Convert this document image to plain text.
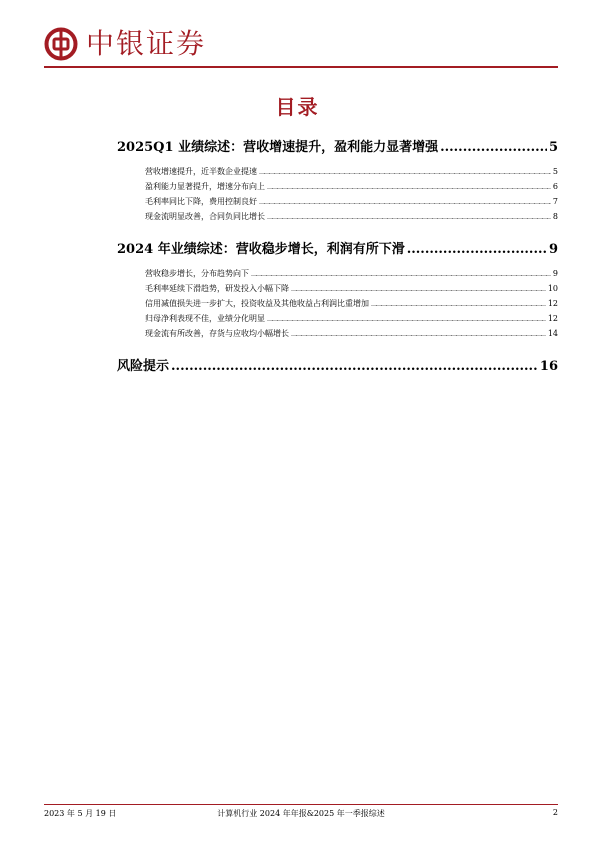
中银证券
目录
2025Q1 业绩综述：营收增速提升，盈利能力显著增强 .....	5
营收增速提升，近半数企业提速 ………………………………………………………………………………………………………………………………………………………………………………………………………………………………………………………………………………………………………………………	5
盈利能力显著提升，增速分布向上 ………………………………………………………………………………………………………………………………………………………………………………………………………………………………………………………………………………………………………………………	6
毛利率同比下降，费用控制良好 ………………………………………………………………………………………………………………………………………………………………………………………………………………………………………………………………………………………………………………………	7
现金流明显改善，合同负同比增长 ………………………………………………………………………………………………………………………………………………………………………………………………………………………………………………………………………………………………………………………	8
2024 年业绩综述：营收稳步增长，利润有所下滑 .....	9
营收稳步增长，分布趋势向下 ………………………………………………………………………………………………………………………………………………………………………………………………………………………………………………………………………………………………………………………	9
毛利率延续下滑趋势，研发投入小幅下降 ………………………………………………………………………………………………………………………………………………………………………………………………………………………………………………………………………………………………………………………	10
信用减值损失进一步扩大，投资收益及其他收益占利润比重增加 ………………………………………………………………………………………………………………………………………………………………………………………………………………………………………………………………………………………………………………………	12
归母净利表现不佳，业绩分化明显 ………………………………………………………………………………………………………………………………………………………………………………………………………………………………………………………………………………………………………………………	12
现金流有所改善，存货与应收均小幅增长 ………………………………………………………………………………………………………………………………………………………………………………………………………………………………………………………………………………………………………………………	14
风险提示 .....	16
2023 年 5 月 19 日	计算机行业 2024 年年报&2025 年一季报综述	2
